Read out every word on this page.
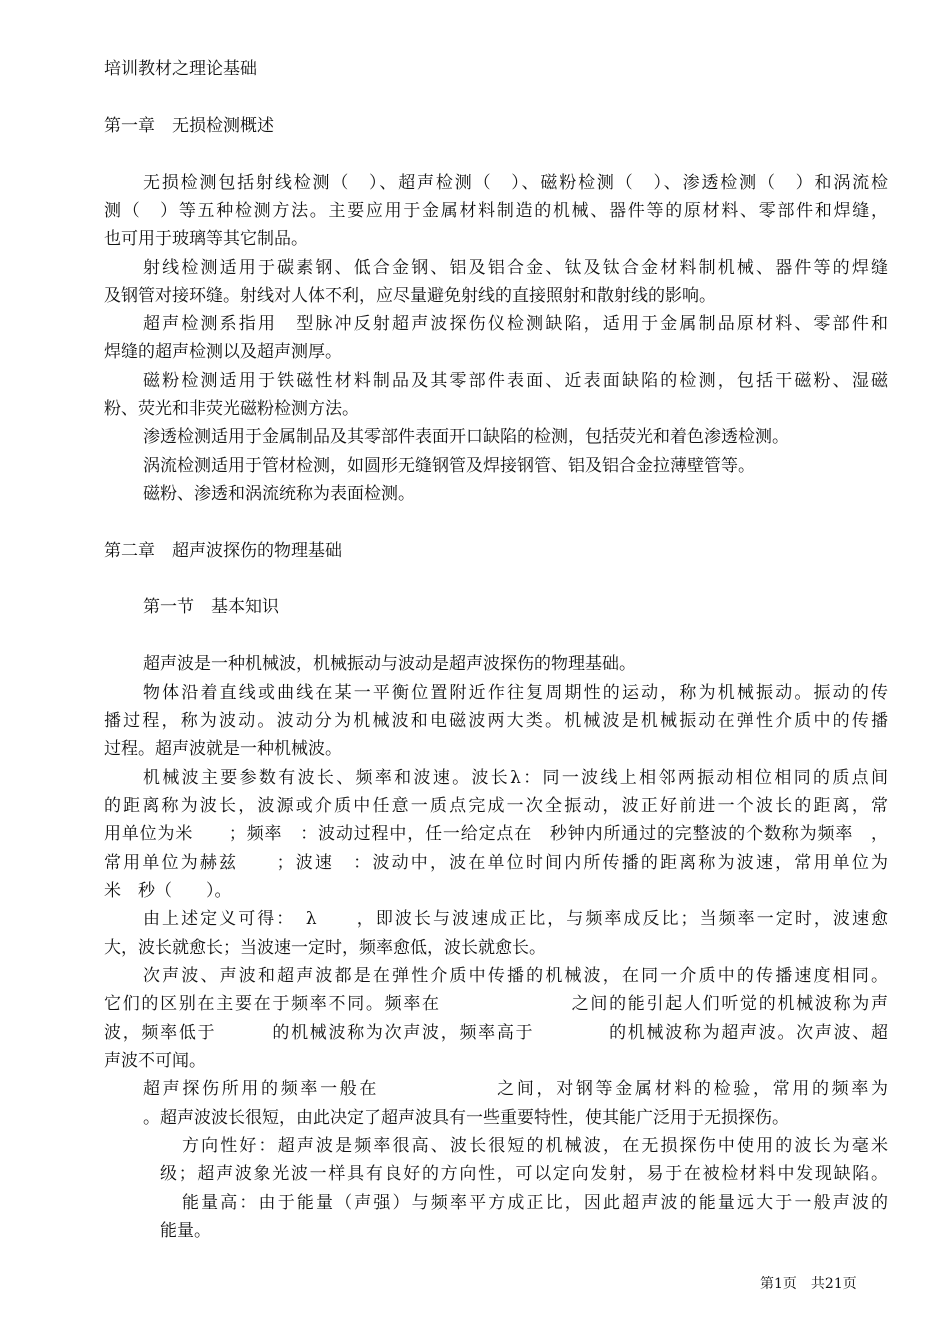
培训教材之理论基础
第一章　无损检测概述
无损检测包括射线检测（　）、超声检测（　）、磁粉检测（　）、渗透检测（　）和涡流检
测（　）等五种检测方法。主要应用于金属材料制造的机械、器件等的原材料、零部件和焊缝，
也可用于玻璃等其它制品。
射线检测适用于碳素钢、低合金钢、铝及铝合金、钛及钛合金材料制机械、器件等的焊缝
及钢管对接环缝。射线对人体不利，应尽量避免射线的直接照射和散射线的影响。
超声检测系指用　型脉冲反射超声波探伤仪检测缺陷，适用于金属制品原材料、零部件和
焊缝的超声检测以及超声测厚。
磁粉检测适用于铁磁性材料制品及其零部件表面、近表面缺陷的检测，包括干磁粉、湿磁
粉、荧光和非荧光磁粉检测方法。
渗透检测适用于金属制品及其零部件表面开口缺陷的检测，包括荧光和着色渗透检测。
涡流检测适用于管材检测，如圆形无缝钢管及焊接钢管、铝及铝合金拉薄壁管等。
磁粉、渗透和涡流统称为表面检测。
第二章　超声波探伤的物理基础
第一节　基本知识
超声波是一种机械波，机械振动与波动是超声波探伤的物理基础。
物体沿着直线或曲线在某一平衡位置附近作往复周期性的运动，称为机械振动。振动的传
播过程，称为波动。波动分为机械波和电磁波两大类。机械波是机械振动在弹性介质中的传播
过程。超声波就是一种机械波。
机械波主要参数有波长、频率和波速。波长λ：同一波线上相邻两振动相位相同的质点间
的距离称为波长，波源或介质中任意一质点完成一次全振动，波正好前进一个波长的距离，常
用单位为米　　；频率　：波动过程中，任一给定点在　秒钟内所通过的完整波的个数称为频率　，
常用单位为赫兹　　；波速　：波动中，波在单位时间内所传播的距离称为波速，常用单位为
米　秒（　　）。
由上述定义可得：　λ　　，即波长与波速成正比，与频率成反比；当频率一定时，波速愈
大，波长就愈长；当波速一定时，频率愈低，波长就愈长。
次声波、声波和超声波都是在弹性介质中传播的机械波，在同一介质中的传播速度相同。
它们的区别在主要在于频率不同。频率在　　　　　　　之间的能引起人们听觉的机械波称为声
波，频率低于　　　的机械波称为次声波，频率高于　　　　的机械波称为超声波。次声波、超
声波不可闻。
超声探伤所用的频率一般在　　　　　　之间，对钢等金属材料的检验，常用的频率为
。超声波波长很短，由此决定了超声波具有一些重要特性，使其能广泛用于无损探伤。
方向性好：超声波是频率很高、波长很短的机械波，在无损探伤中使用的波长为毫米
级；超声波象光波一样具有良好的方向性，可以定向发射，易于在被检材料中发现缺陷。
能量高：由于能量（声强）与频率平方成正比，因此超声波的能量远大于一般声波的
能量。
第1页　共21页
